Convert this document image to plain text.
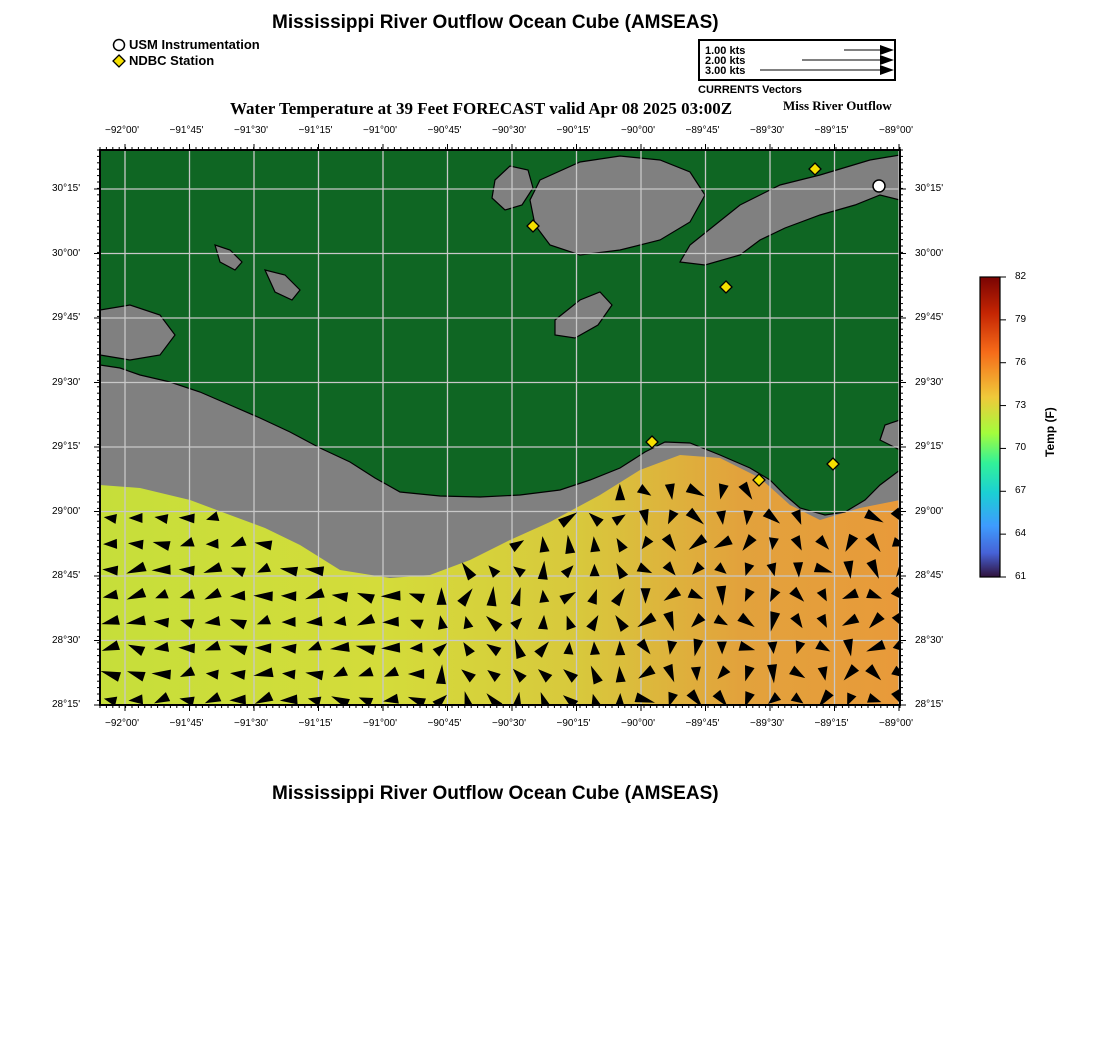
Mississippi River Outflow Ocean Cube (AMSEAS)
USM Instrumentation
NDBC Station
1.00 kts
2.00 kts
3.00 kts
CURRENTS Vectors
Water Temperature at 39 Feet FORECAST valid Apr 08 2025 03:00Z	Miss River Outflow
Temp (F)
Mississippi River Outflow Ocean Cube (AMSEAS)
−92°00'
−92°00'
−91°45'
−91°45'
−91°30'
−91°30'
−91°15'
−91°15'
−91°00'
−91°00'
−90°45'
−90°45'
−90°30'
−90°30'
−90°15'
−90°15'
−90°00'
−90°00'
−89°45'
−89°45'
−89°30'
−89°30'
−89°15'
−89°15'
−89°00'
−89°00'
30°15'	30°15'
30°00'	30°00'
29°45'	29°45'
29°30'	29°30'
29°15'	29°15'
29°00'	29°00'
28°45'	28°45'
28°30'	28°30'
28°15'	28°15'
82
79
76
73
70
67
64
61
